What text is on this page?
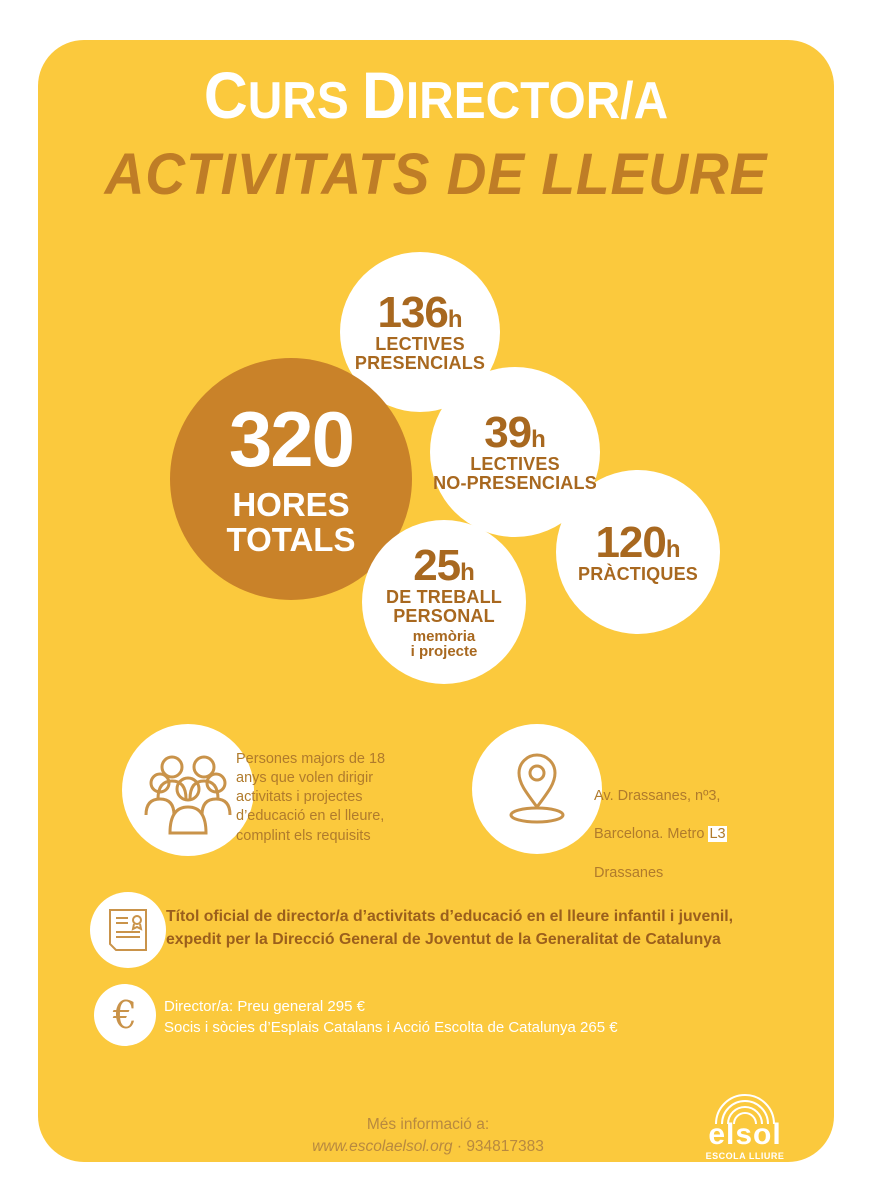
CURS DIRECTOR/A
ACTIVITATS DE LLEURE
136h
LECTIVES
PRESENCIALS
120h
PRÀCTIQUES
320
HORES
TOTALS
39h
LECTIVES
NO-PRESENCIALS
25h
DE TREBALL
PERSONAL
memòria
i projecte
Persones majors de 18
anys que volen dirigir
activitats i projectes
d’educació en el lleure,
complint els requisits

Av. Drassanes, nº3,

Barcelona. Metro L3

Drassanes

Títol oficial de director/a d’activitats d’educació en el lleure infantil i juvenil,
expedit per la Direcció General de Joventut de la Generalitat de Catalunya
€ Director/a: Preu general 295 €
Socis i sòcies d’Esplais Catalans i Acció Escolta de Catalunya 265 €
Més informació a:
www.escolaelsol.org · 934817383	elsol
ESCOLA LLIURE
